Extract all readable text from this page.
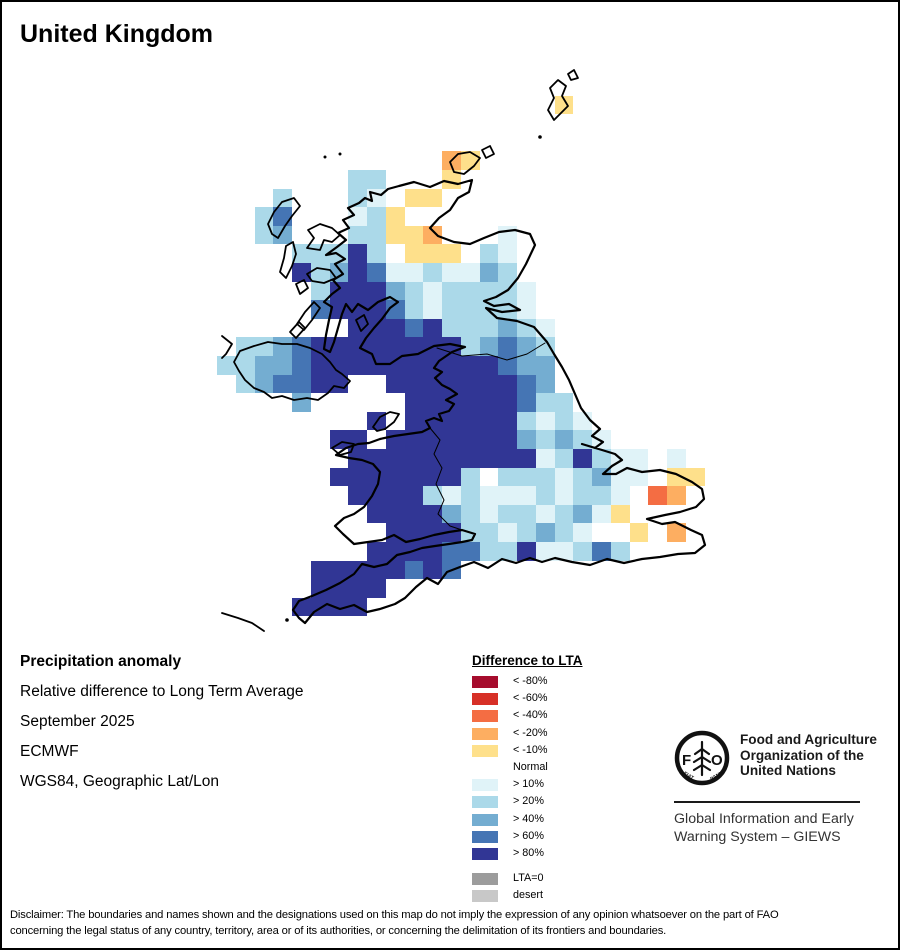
United Kingdom
Precipitation anomaly
Relative difference to Long Term Average
September 2025
ECMWF
WGS84, Geographic Lat/Lon
Difference to LTA
< -80%
< -60%
< -40%
< -20%
< -10%
Normal
> 10%
> 20%
> 40%
> 60%
> 80%
LTA=0
desert
F O
FIAT	PANIS
Food and Agriculture
Organization of the
United Nations
Global Information and Early
Warning System – GIEWS
Disclaimer: The boundaries and names shown and the designations used on this map do not imply the expression of any opinion whatsoever on the part of FAO
concerning the legal status of any country, territory, area or of its authorities, or concerning the delimitation of its frontiers and boundaries.
